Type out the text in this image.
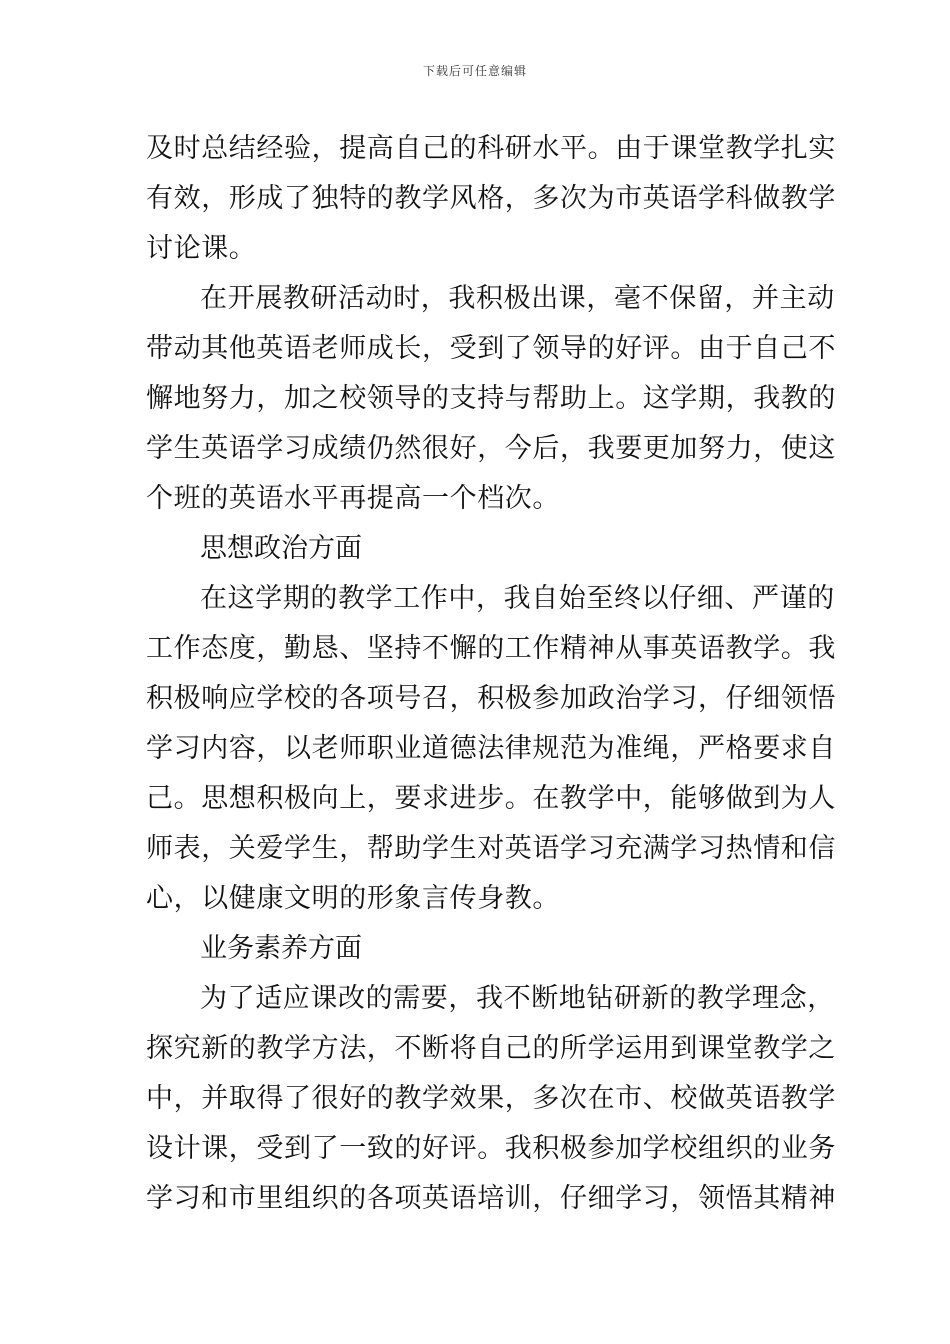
下载后可任意编辑
及时总结经验，提高自己的科研水平。由于课堂教学扎实
有效，形成了独特的教学风格，多次为市英语学科做教学
讨论课。
在开展教研活动时，我积极出课，毫不保留，并主动
带动其他英语老师成长，受到了领导的好评。由于自己不
懈地努力，加之校领导的支持与帮助上。这学期，我教的
学生英语学习成绩仍然很好，今后，我要更加努力，使这
个班的英语水平再提高一个档次。
思想政治方面
在这学期的教学工作中，我自始至终以仔细、严谨的
工作态度，勤恳、坚持不懈的工作精神从事英语教学。我
积极响应学校的各项号召，积极参加政治学习，仔细领悟
学习内容，以老师职业道德法律规范为准绳，严格要求自
己。思想积极向上，要求进步。在教学中，能够做到为人
师表，关爱学生，帮助学生对英语学习充满学习热情和信
心，以健康文明的形象言传身教。
业务素养方面
为了适应课改的需要，我不断地钻研新的教学理念，
探究新的教学方法，不断将自己的所学运用到课堂教学之
中，并取得了很好的教学效果，多次在市、校做英语教学
设计课，受到了一致的好评。我积极参加学校组织的业务
学习和市里组织的各项英语培训，仔细学习，领悟其精神
